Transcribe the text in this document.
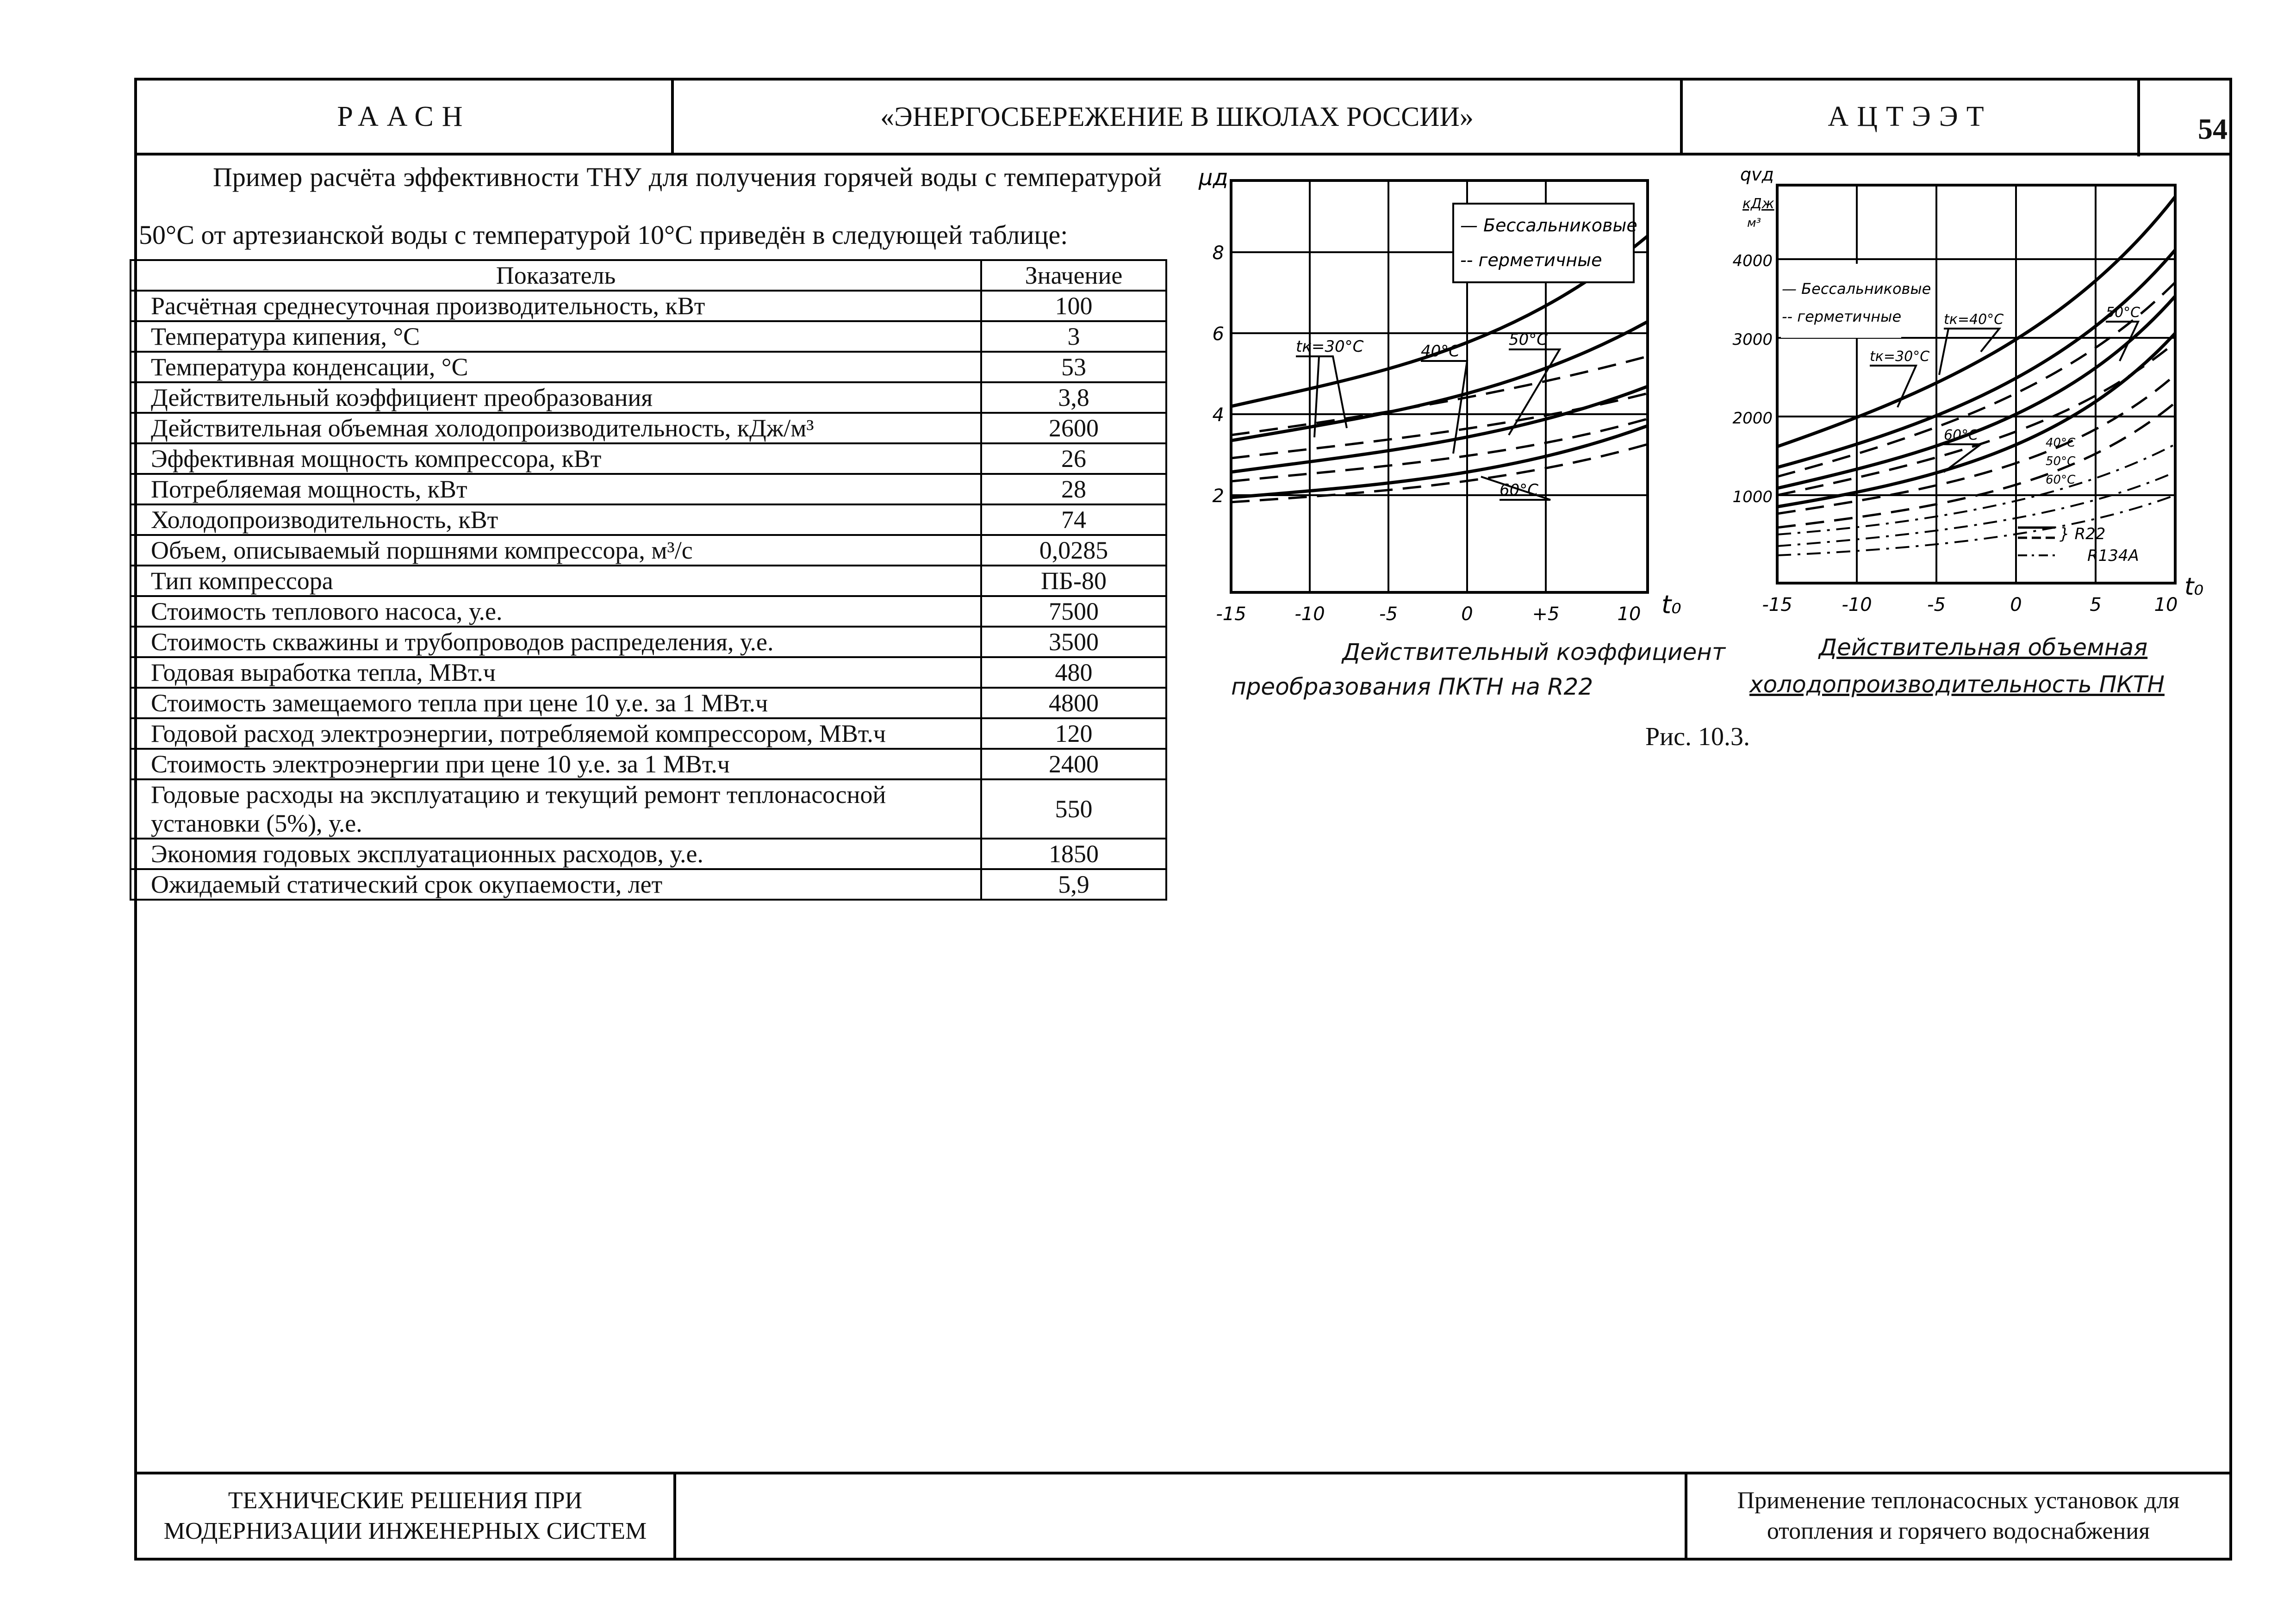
РААСН	«ЭНЕРГОСБЕРЕЖЕНИЕ В ШКОЛАХ РОССИИ»	АЦТЭЭТ	54
Пример расчёта эффективности ТНУ для получения горячей воды с температурой 50°С от артезианской воды с температурой 10°С приведён в следующей таблице:
Показатель	Значение
Расчётная среднесуточная производительность, кВт	100
Температура кипения, °С	3
Температура конденсации, °С	53
Действительный коэффициент преобразования	3,8
Действительная объемная холодопроизводительность, кДж/м³	2600
Эффективная мощность компрессора, кВт	26
Потребляемая мощность, кВт	28
Холодопроизводительность, кВт	74
Объем, описываемый поршнями компрессора, м³/с	0,0285
Тип компрессора	ПБ-80
Стоимость теплового насоса, у.е.	7500
Стоимость скважины и трубопроводов распределения, у.е.	3500
Годовая выработка тепла, МВт.ч	480
Стоимость замещаемого тепла при цене 10 у.е. за 1 МВт.ч	4800
Годовой расход электроэнергии, потребляемой компрессором, МВт.ч	120
Стоимость электроэнергии при цене 10 у.е. за 1 МВт.ч	2400

Годовые расходы на эксплуатацию и текущий ремонт теплонасосной установки (5%), у.е.	550
Экономия годовых эксплуатационных расходов, у.е.	1850
Ожидаемый статический срок окупаемости, лет	5,9
— Бессальниковые
-- герметичные
tк=30°С	40°С
50°С
60°С
μд
t₀
2
4
6
8
-15	-10	-5	0	+5	10
Действительный коэффициент
преобразования ПКТН на R22
— Бессальниковые
-- герметичные	tк=40°С
tк=30°С
50°С
60°С	40°С
50°С
60°С
} R22
R134A
qvд
кДж
м³
t₀
1000
2000
3000
4000
-15	-10	-5	0	5	10
Действительная объемная
холодопроизводительность ПКТН
Рис. 10.3.
ТЕХНИЧЕСКИЕ РЕШЕНИЯ ПРИ
МОДЕРНИЗАЦИИ ИНЖЕНЕРНЫХ СИСТЕМ
Применение теплонасосных установок для
отопления и горячего водоснабжения
